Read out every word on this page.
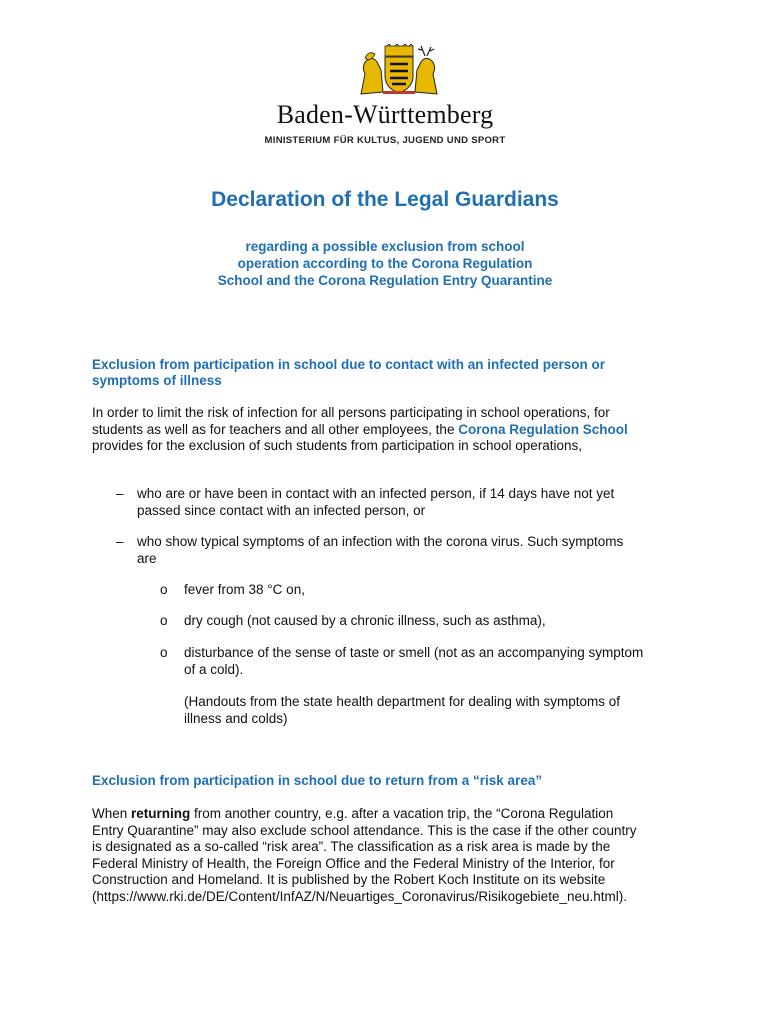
Baden-Württemberg
MINISTERIUM FÜR KULTUS, JUGEND UND SPORT
Declaration of the Legal Guardians
regarding a possible exclusion from school
operation according to the Corona Regulation
School and the Corona Regulation Entry Quarantine
Exclusion from participation in school due to contact with an infected person or
symptoms of illness
In order to limit the risk of infection for all persons participating in school operations, for
students as well as for teachers and all other employees, the Corona Regulation School
provides for the exclusion of such students from participation in school operations,
– who are or have been in contact with an infected person, if 14 days have not yet
passed since contact with an infected person, or
– who show typical symptoms of an infection with the corona virus. Such symptoms
are
o fever from 38 °C on,
o dry cough (not caused by a chronic illness, such as asthma),
o disturbance of the sense of taste or smell (not as an accompanying symptom
of a cold).
(Handouts from the state health department for dealing with symptoms of
illness and colds)
Exclusion from participation in school due to return from a “risk area”
When returning from another country, e.g. after a vacation trip, the “Corona Regulation
Entry Quarantine” may also exclude school attendance. This is the case if the other country
is designated as a so-called “risk area”. The classification as a risk area is made by the
Federal Ministry of Health, the Foreign Office and the Federal Ministry of the Interior, for
Construction and Homeland. It is published by the Robert Koch Institute on its website
(https://www.rki.de/DE/Content/InfAZ/N/Neuartiges_Coronavirus/Risikogebiete_neu.html).
